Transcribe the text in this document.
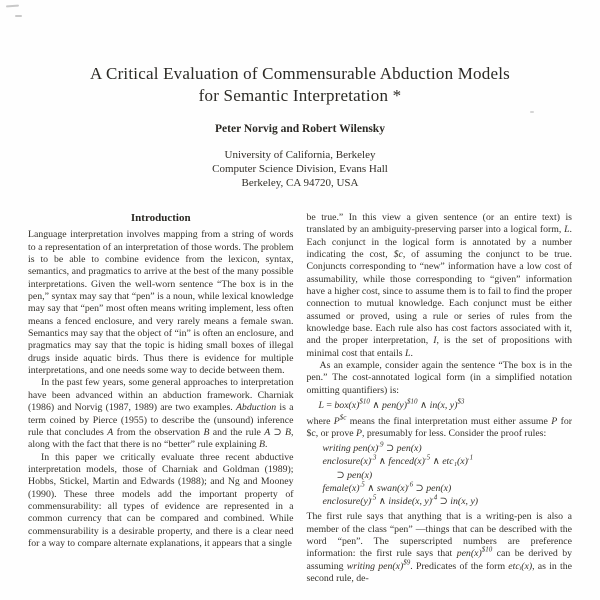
A Critical Evaluation of Commensurable Abduction Models
for Semantic Interpretation *
Peter Norvig and Robert Wilensky
University of California, Berkeley
Computer Science Division, Evans Hall
Berkeley, CA 94720, USA
Introduction

Language interpretation involves mapping from a string of words to a representation of an interpretation of those words. The problem is to be able to combine evidence from the lexicon, syntax, semantics, and pragmatics to arrive at the best of the many possible interpretations. Given the well-worn sentence “The box is in the pen,” syntax may say that “pen” is a noun, while lexical knowledge may say that “pen” most often means writing implement, less often means a fenced enclosure, and very rarely means a female swan. Semantics may say that the object of “in” is often an enclosure, and pragmatics may say that the topic is hiding small boxes of illegal drugs inside aquatic birds. Thus there is evidence for multiple interpretations, and one needs some way to decide between them.

In the past few years, some general approaches to interpretation have been advanced within an abduction framework. Charniak (1986) and Norvig (1987, 1989) are two examples. Abduction is a term coined by Pierce (1955) to describe the (unsound) inference rule that concludes A from the observation B and the rule A ⊃ B, along with the fact that there is no “better” rule explaining B.

In this paper we critically evaluate three recent abductive interpretation models, those of Charniak and Goldman (1989); Hobbs, Stickel, Martin and Edwards (1988); and Ng and Mooney (1990). These three models add the important property of commensurability: all types of evidence are represented in a common currency that can be compared and combined. While commensurability is a desirable property, and there is a clear need for a way to compare alternate explanations, it appears that a single

be true.” In this view a given sentence (or an entire text) is translated by an ambiguity-preserving parser into a logical form, L. Each conjunct in the logical form is annotated by a number indicating the cost, $c, of assuming the conjunct to be true. Conjuncts corresponding to “new” information have a low cost of assumability, while those corresponding to “given” information have a higher cost, since to assume them is to fail to find the proper connection to mutual knowledge. Each conjunct must be either assumed or proved, using a rule or series of rules from the knowledge base. Each rule also has cost factors associated with it, and the proper interpretation, I, is the set of propositions with minimal cost that entails L.

As an example, consider again the sentence “The box is in the pen.” The cost-annotated logical form (in a simplified notation omitting quantifiers) is:

$L = box(x)^{\$10}$ ∧ $pen(y)^{\$10}$ ∧ in(x, y)$^{\$3}$

where $P^{\$c}$ means the final interpretation must either assume P for $c, or prove P, presumably for less. Consider the proof rules:

writing $pen(x)^{.9}$ ⊃ pen(x)
$enclosure(x)^{.3}$ ∧ $fenced(x)^{.5}$ ∧ $etc_1(x)^{.1}$
⊃ pen(x)
$female(x)^{.5}$ ∧ $swan(x)^{.6}$ ⊃ pen(x)
$enclosure(y)^{.5}$ ∧ inside(x, y)$^{.4}$ ⊃ in(x, y)

The first rule says that anything that is a writing-pen is also a member of the class “pen” —things that can be described with the word “pen”. The superscripted numbers are preference information: the first rule says that $pen(x)^{\$10}$ can be derived by assuming writing $pen(x)^{\$9}$. Predicates of the form etcᵢ(x), as in the second rule, de-
